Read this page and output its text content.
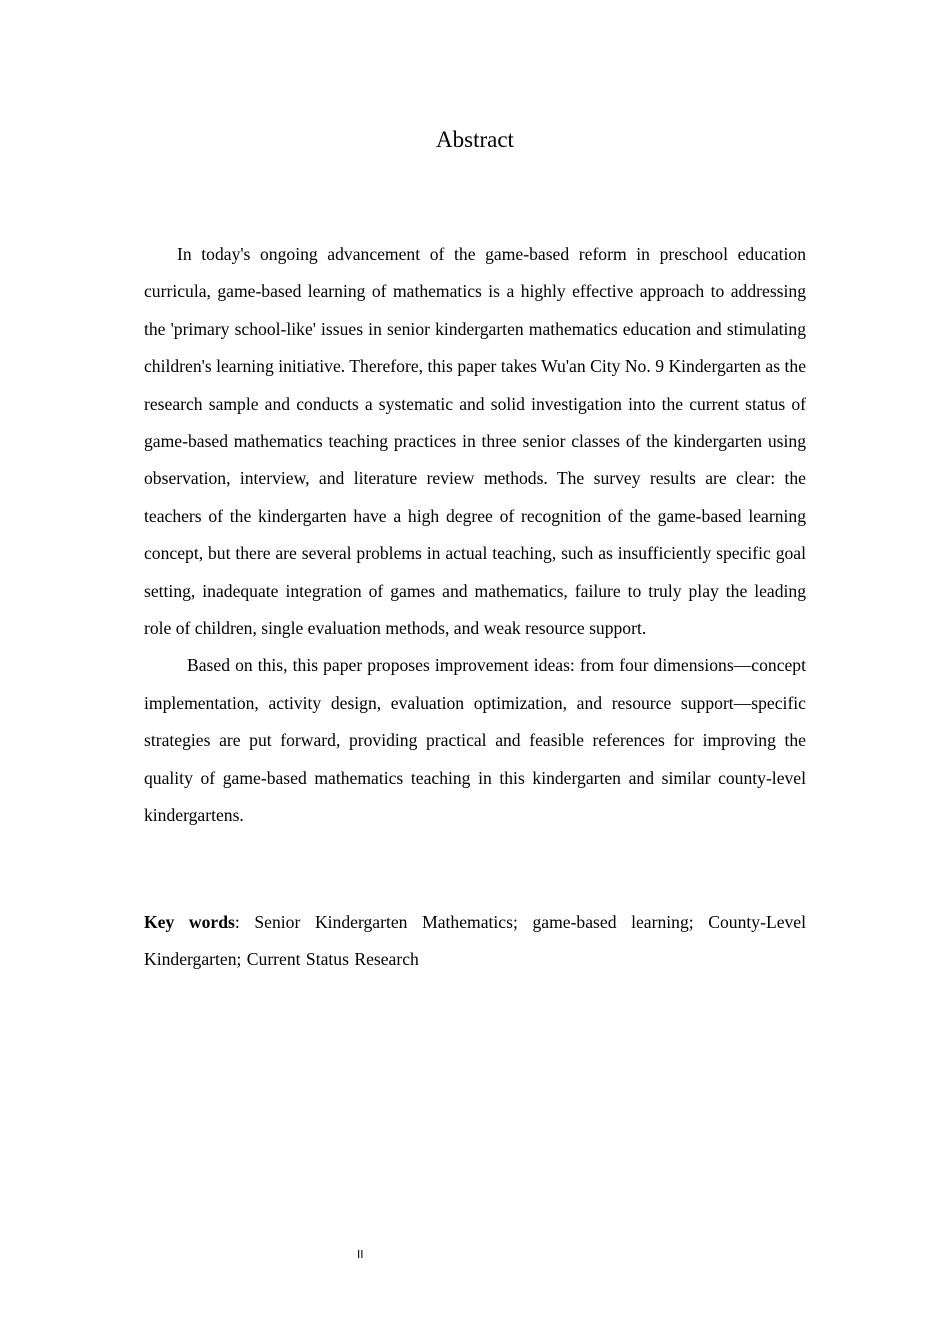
Abstract

In today's ongoing advancement of the game-based reform in preschool education curricula, game-based learning of mathematics is a highly effective approach to addressing the 'primary school-like' issues in senior kindergarten mathematics education and stimulating children's learning initiative. Therefore, this paper takes Wu'an City No. 9 Kindergarten as the research sample and conducts a systematic and solid investigation into the current status of game-based mathematics teaching practices in three senior classes of the kindergarten using observation, interview, and literature review methods. The survey results are clear: the teachers of the kindergarten have a high degree of recognition of the game-based learning concept, but there are several problems in actual teaching, such as insufficiently specific goal setting, inadequate integration of games and mathematics, failure to truly play the leading role of children, single evaluation methods, and weak resource support.

Based on this, this paper proposes improvement ideas: from four dimensions—concept implementation, activity design, evaluation optimization, and resource support—specific strategies are put forward, providing practical and feasible references for improving the quality of game-based mathematics teaching in this kindergarten and similar county-level kindergartens.

Key words: Senior Kindergarten Mathematics; game-based learning; County-Level Kindergarten; Current Status Research
II
